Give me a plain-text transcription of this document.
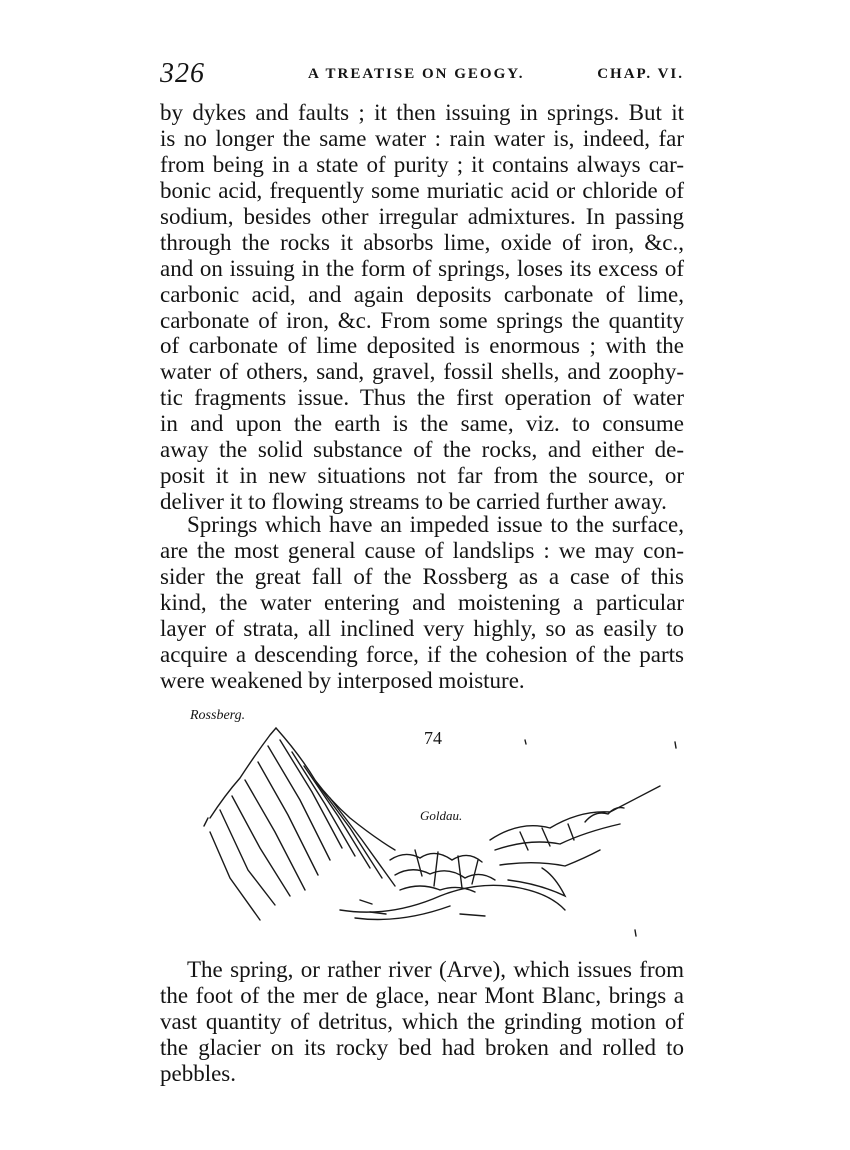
326	A TREATISE ON GEOGY.	CHAP. VI.
by dykes and faults ; it then issuing in springs. But it
is no longer the same water : rain water is, indeed, far
from being in a state of purity ; it contains always car-
bonic acid, frequently some muriatic acid or chloride of
sodium, besides other irregular admixtures. In passing
through the rocks it absorbs lime, oxide of iron, &c.,
and on issuing in the form of springs, loses its excess of
carbonic acid, and again deposits carbonate of lime,
carbonate of iron, &c. From some springs the quantity
of carbonate of lime deposited is enormous ; with the
water of others, sand, gravel, fossil shells, and zoophy-
tic fragments issue. Thus the first operation of water
in and upon the earth is the same, viz. to consume
away the solid substance of the rocks, and either de-
posit it in new situations not far from the source, or
deliver it to flowing streams to be carried further away.
Springs which have an impeded issue to the surface,
are the most general cause of landslips : we may con-
sider the great fall of the Rossberg as a case of this
kind, the water entering and moistening a particular
layer of strata, all inclined very highly, so as easily to
acquire a descending force, if the cohesion of the parts
were weakened by interposed moisture.
Rossberg.
74
Goldau.
The spring, or rather river (Arve), which issues from
the foot of the mer de glace, near Mont Blanc, brings a
vast quantity of detritus, which the grinding motion of
the glacier on its rocky bed had broken and rolled to
pebbles.
